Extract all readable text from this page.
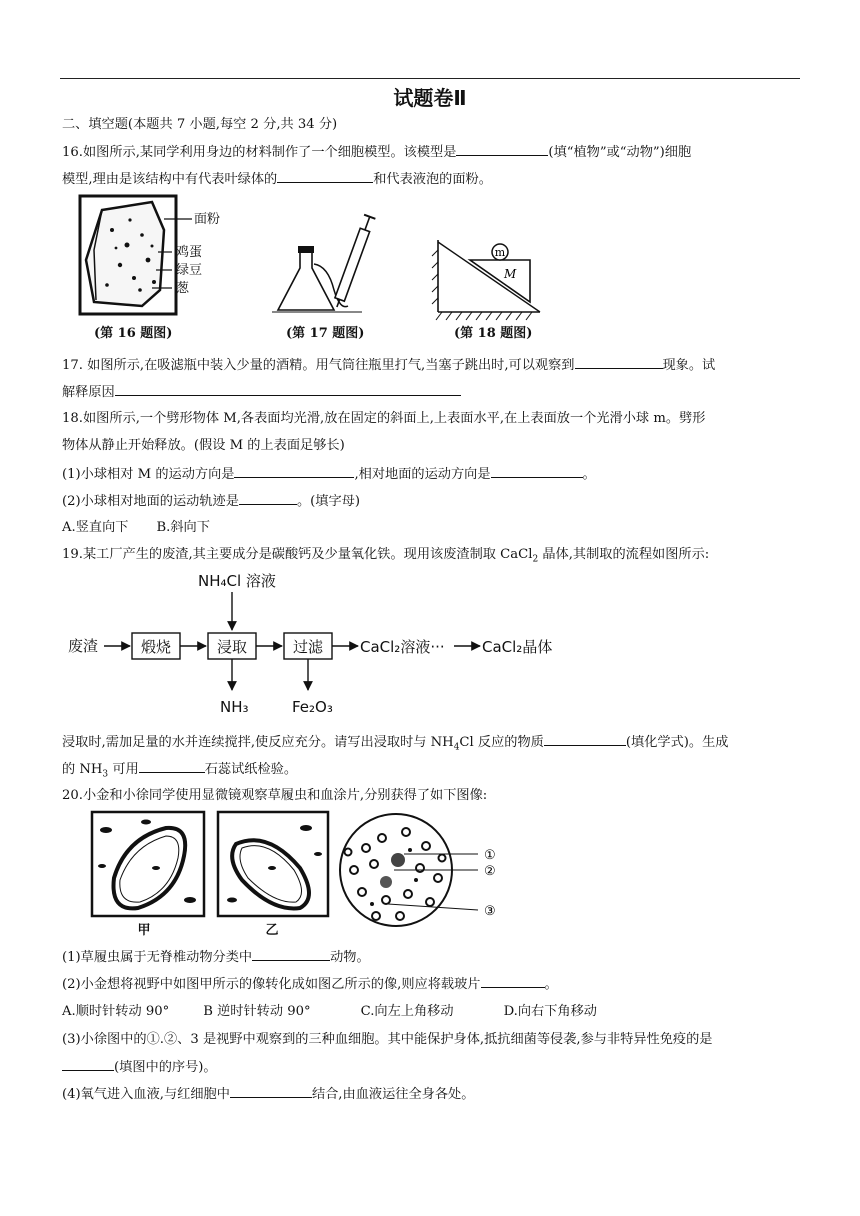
试题卷Ⅱ
二、填空题(本题共 7 小题,每空 2 分,共 34 分)
16.如图所示,某同学利用身边的材料制作了一个细胞模型。该模型是	(填“植物”或“动物”)细胞
模型,理由是该结构中有代表叶绿体的	和代表液泡的面粉。
面粉
鸡蛋
绿豆
葱
(第 16 题图)	(第 17 题图)
m
M
(第 18 题图)
17. 如图所示,在吸滤瓶中装入少量的酒精。用气筒往瓶里打气,当塞子跳出时,可以观察到	现象。试
解释原因
18.如图所示,一个劈形物体 M,各表面均光滑,放在固定的斜面上,上表面水平,在上表面放一个光滑小球 m。劈形
物体从静止开始释放。(假设 M 的上表面足够长)
(1)小球相对 M 的运动方向是	,相对地面的运动方向是	。
(2)小球相对地面的运动轨迹是	。(填字母)
A.竖直向下 B.斜向下
19.某工厂产生的废渣,其主要成分是碳酸钙及少量氧化铁。现用该废渣制取 CaCl$_2$ 晶体,其制取的流程如图所示:
NH₄Cl 溶液
废渣	煅烧	浸取	过滤 CaCl₂溶液··· CaCl₂晶体
NH₃	Fe₂O₃
浸取时,需加足量的水并连续搅拌,使反应充分。请写出浸取时与 $NH_4Cl$ 反应的物质	(填化学式)。生成
的 $NH_3$ 可用	石蕊试纸检验。
20.小金和小徐同学使用显微镜观察草履虫和血涂片,分别获得了如下图像:
甲	乙
①
②
③
(1)草履虫属于无脊椎动物分类中	动物。
(2)小金想将视野中如图甲所示的像转化成如图乙所示的像,则应将载玻片	。
A.顺时针转动 90°	B 逆时针转动 90°	C.向左上角移动	D.向右下角移动
(3)小徐图中的①.②、3 是视野中观察到的三种血细胞。其中能保护身体,抵抗细菌等侵袭,参与非特异性免疫的是
(填图中的序号)。
(4)氧气进入血液,与红细胞中	结合,由血液运往全身各处。
